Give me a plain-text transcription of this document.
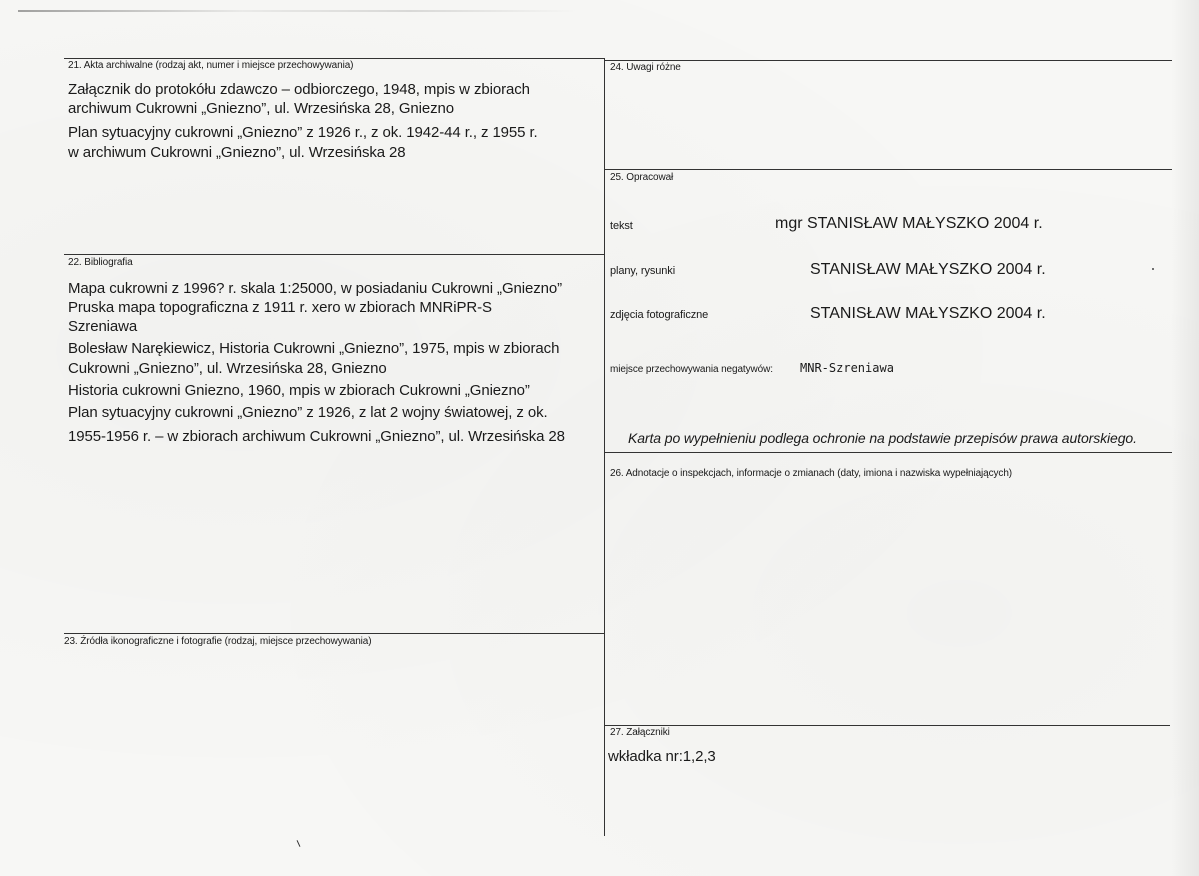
21. Akta archiwalne (rodzaj akt, numer i miejsce przechowywania)
Załącznik do protokółu zdawczo – odbiorczego, 1948, mpis w zbiorach
archiwum Cukrowni „Gniezno”, ul. Wrzesińska 28, Gniezno
Plan sytuacyjny cukrowni „Gniezno” z 1926 r., z ok. 1942-44 r., z 1955 r.
w archiwum Cukrowni „Gniezno”, ul. Wrzesińska 28
22. Bibliografia
Mapa cukrowni z 1996? r. skala 1:25000, w posiadaniu Cukrowni „Gniezno”
Pruska mapa topograficzna z 1911 r. xero w zbiorach MNRiPR-S
Szreniawa
Bolesław Narękiewicz, Historia Cukrowni „Gniezno”, 1975, mpis w zbiorach
Cukrowni „Gniezno”, ul. Wrzesińska 28, Gniezno
Historia cukrowni Gniezno, 1960, mpis w zbiorach Cukrowni „Gniezno”
Plan sytuacyjny cukrowni „Gniezno” z 1926, z lat 2 wojny światowej, z ok.
1955-1956 r. – w zbiorach archiwum Cukrowni „Gniezno”, ul. Wrzesińska 28
23. Źródła ikonograficzne i fotografie (rodzaj, miejsce przechowywania)
24. Uwagi różne
25. Opracował
tekst	mgr STANISŁAW MAŁYSZKO 2004 r.
plany, rysunki	STANISŁAW MAŁYSZKO 2004 r.
zdjęcia fotograficzne	STANISŁAW MAŁYSZKO 2004 r.
miejsce przechowywania negatywów: MNR-Szreniawa
Karta po wypełnieniu podlega ochronie na podstawie przepisów prawa autorskiego.
26. Adnotacje o inspekcjach, informacje o zmianach (daty, imiona i nazwiska wypełniających)
27. Załączniki
wkładka nr:1,2,3
